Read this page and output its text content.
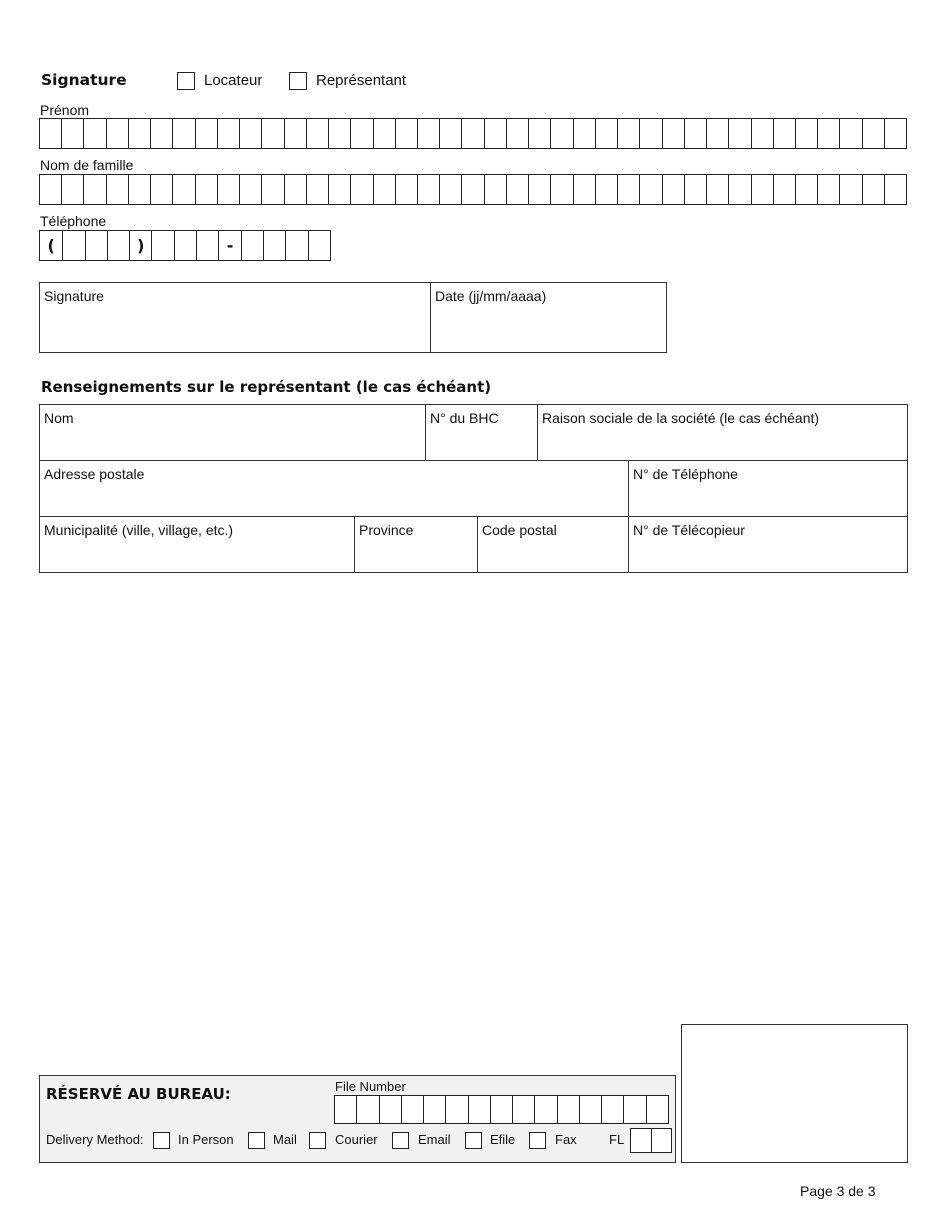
Signature	Locateur	Représentant
Prénom
Nom de famille
Téléphone
(	)	-
Signature	Date (jj/mm/aaaa)
Renseignements sur le représentant (le cas échéant)
Nom	N° du BHC	Raison sociale de la société (le cas échéant)
Adresse postale	N° de Téléphone
Municipalité (ville, village, etc.)	Province	Code postal	N° de Télécopieur
RÉSERVÉ AU BUREAU:	File Number
Delivery Method:	In Person	Mail	Courier	Email	Efile	Fax FL
Page 3 de 3
